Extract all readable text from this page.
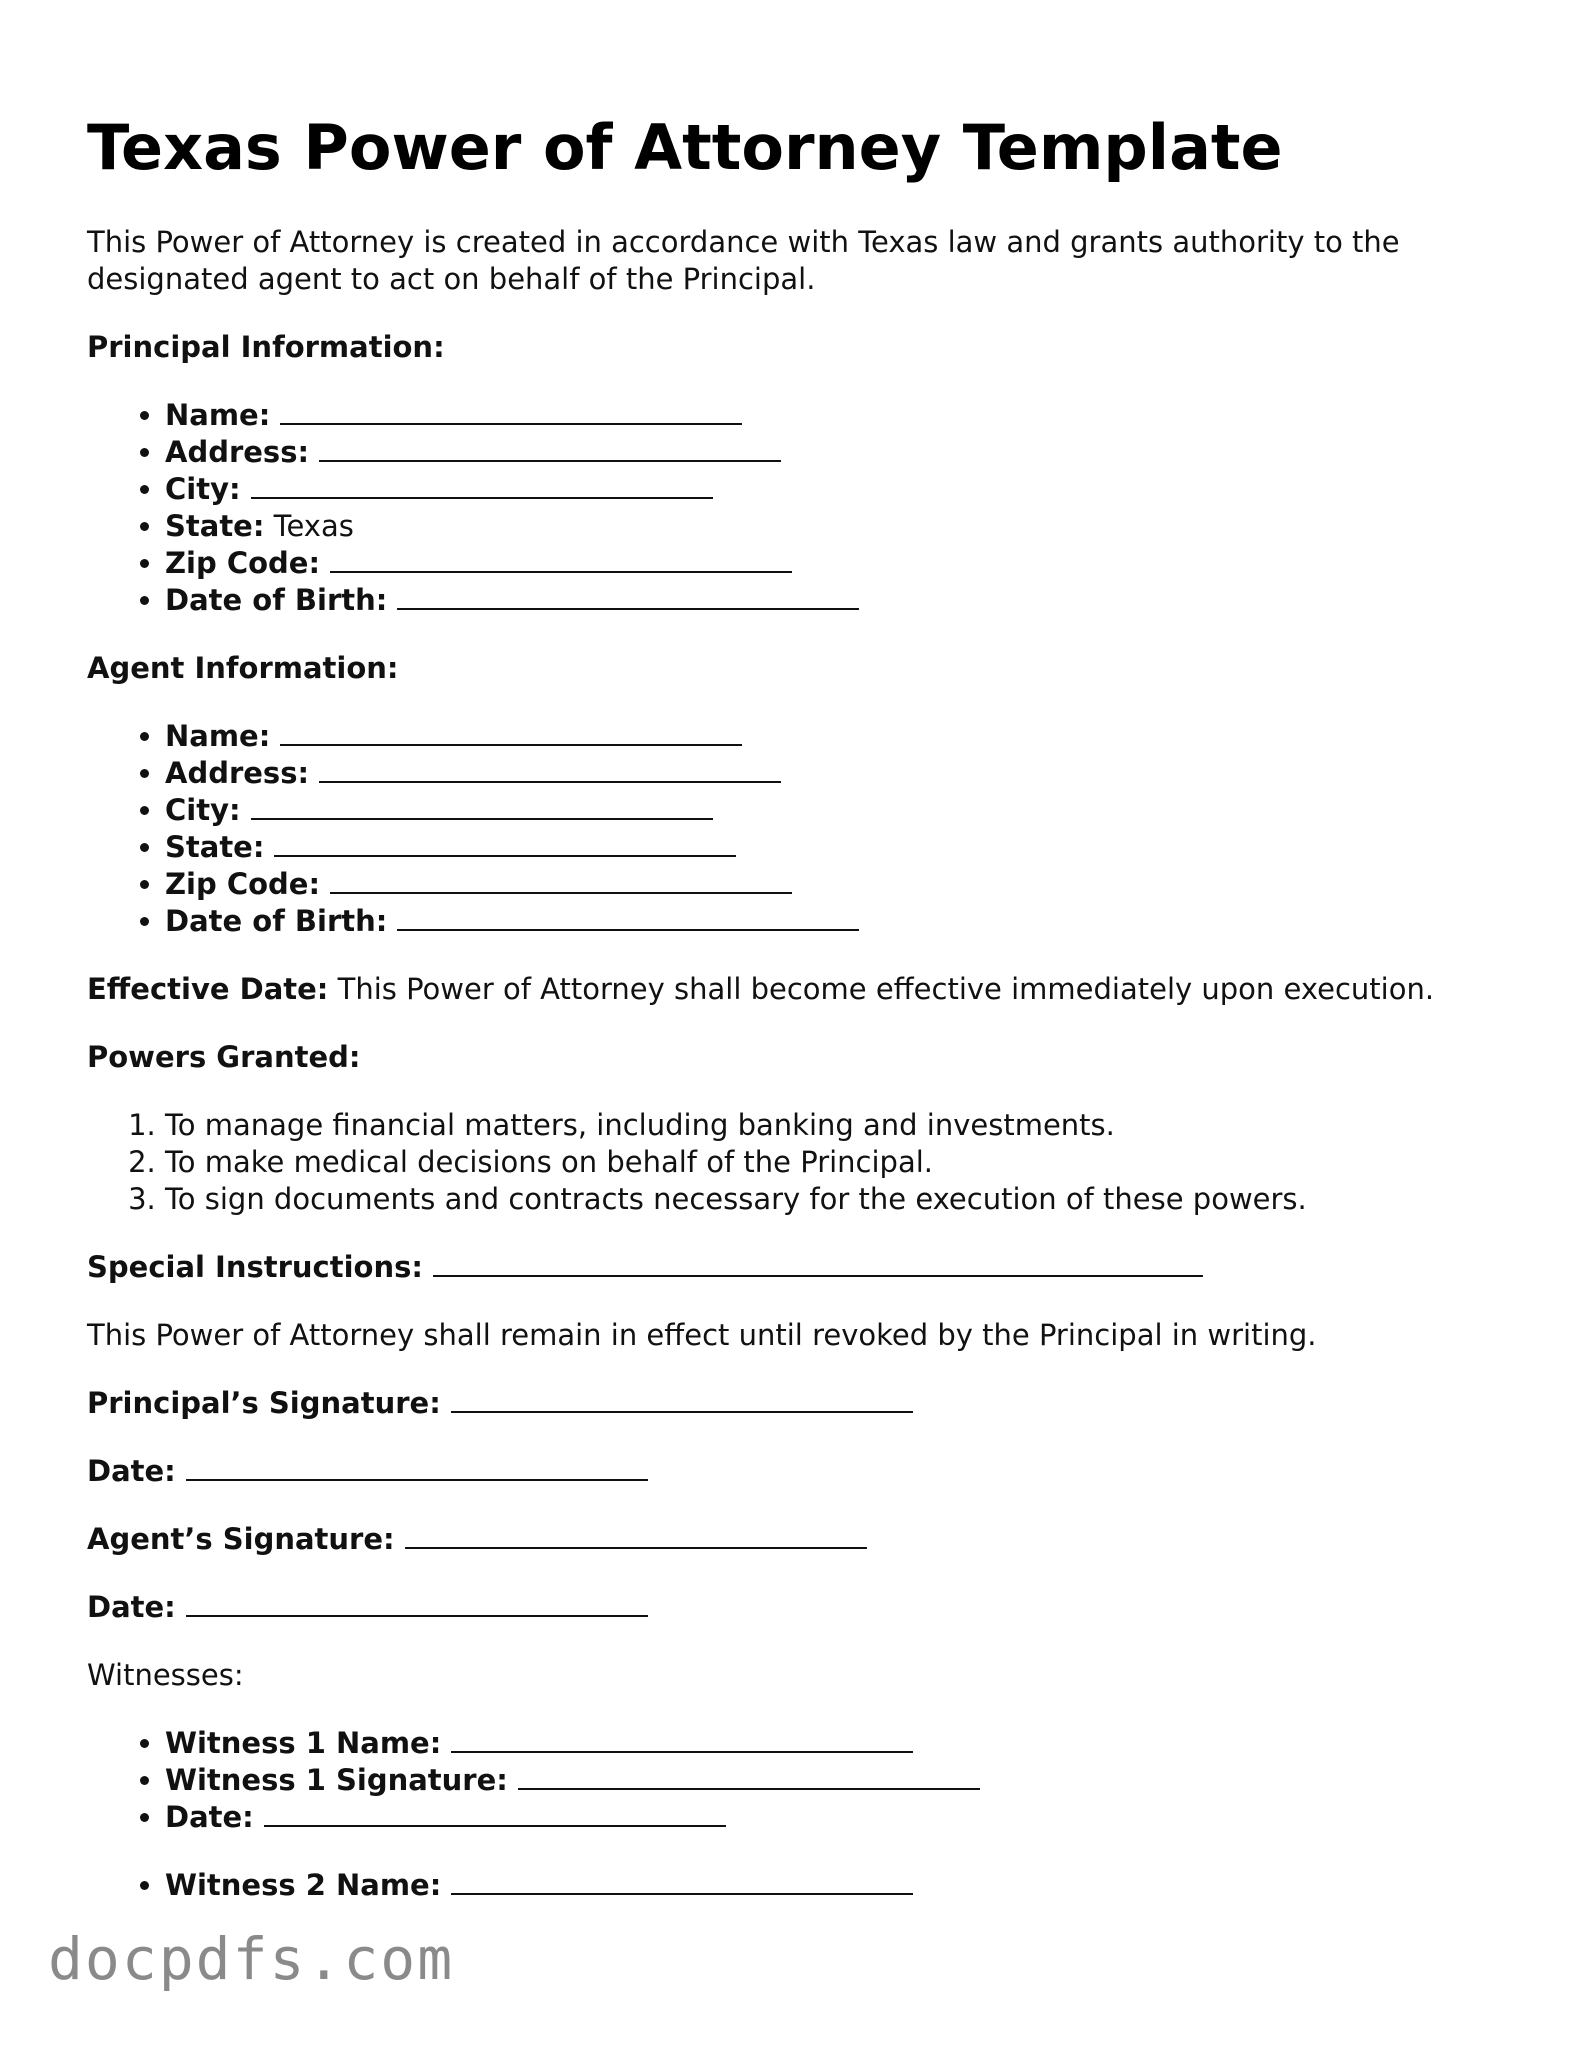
Texas Power of Attorney Template

This Power of Attorney is created in accordance with Texas law and grants authority to the designated agent to act on behalf of the Principal.

Principal Information:

• Name:
• Address:
• City:
• State: Texas
• Zip Code:
• Date of Birth:

Agent Information:

• Name:
• Address:
• City:
• State:
• Zip Code:
• Date of Birth:

Effective Date: This Power of Attorney shall become effective immediately upon execution.

Powers Granted:

1. To manage financial matters, including banking and investments.
2. To make medical decisions on behalf of the Principal.
3. To sign documents and contracts necessary for the execution of these powers.

Special Instructions:

This Power of Attorney shall remain in effect until revoked by the Principal in writing.

Principal’s Signature:

Date:

Agent’s Signature:

Date:

Witnesses:

• Witness 1 Name:
• Witness 1 Signature:
• Date:
• Witness 2 Name:
docpdfs.com
